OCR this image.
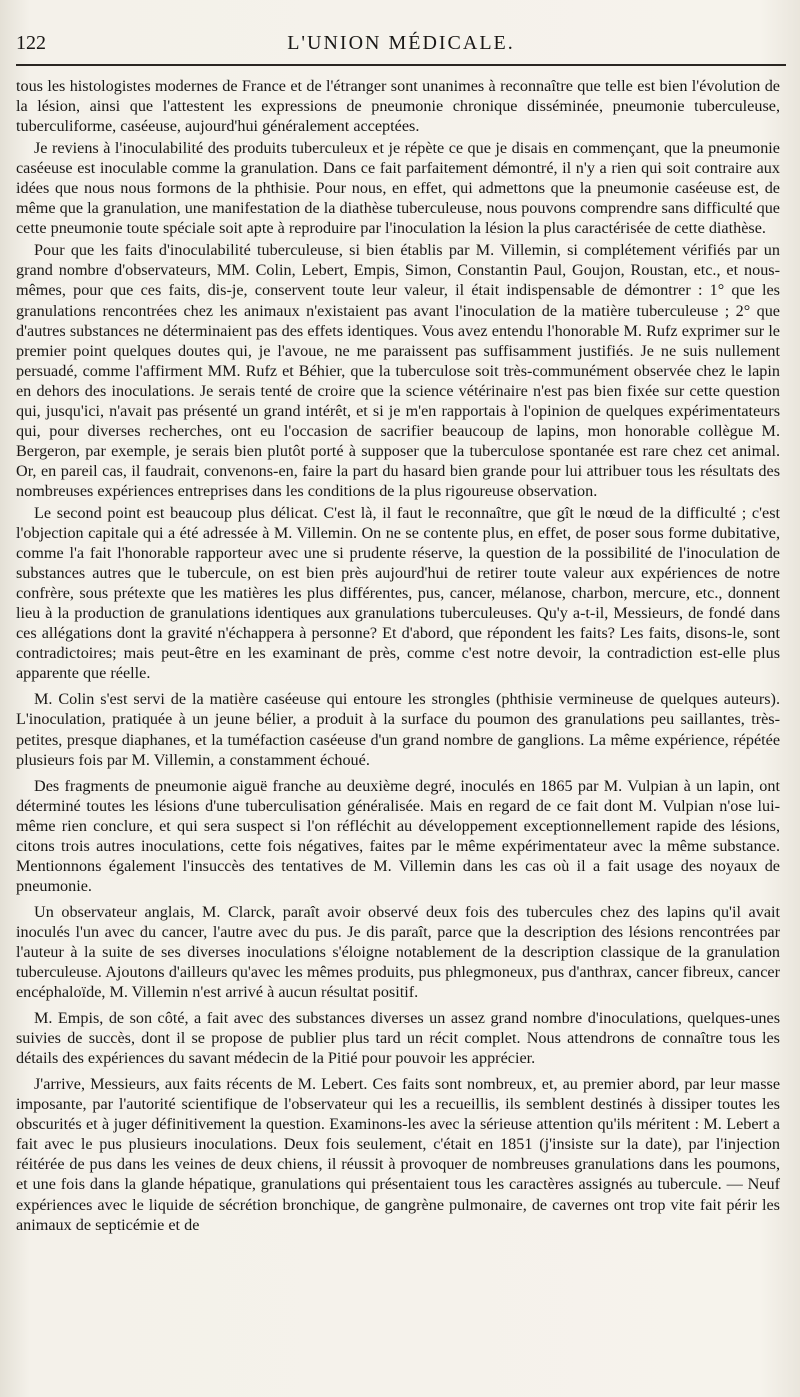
122	L'UNION MÉDICALE.

tous les histologistes modernes de France et de l'étranger sont unanimes à reconnaître que telle est bien l'évolution de la lésion, ainsi que l'attestent les expressions de pneumonie chronique disséminée, pneumonie tuberculeuse, tuberculiforme, caséeuse, aujourd'hui généralement acceptées.

Je reviens à l'inoculabilité des produits tuberculeux et je répète ce que je disais en commençant, que la pneumonie caséeuse est inoculable comme la granulation. Dans ce fait parfaitement démontré, il n'y a rien qui soit contraire aux idées que nous nous formons de la phthisie. Pour nous, en effet, qui admettons que la pneumonie caséeuse est, de même que la granulation, une manifestation de la diathèse tuberculeuse, nous pouvons comprendre sans difficulté que cette pneumonie toute spéciale soit apte à reproduire par l'inoculation la lésion la plus caractérisée de cette diathèse.

Pour que les faits d'inoculabilité tuberculeuse, si bien établis par M. Villemin, si complétement vérifiés par un grand nombre d'observateurs, MM. Colin, Lebert, Empis, Simon, Constantin Paul, Goujon, Roustan, etc., et nous-mêmes, pour que ces faits, dis-je, conservent toute leur valeur, il était indispensable de démontrer : 1° que les granulations rencontrées chez les animaux n'existaient pas avant l'inoculation de la matière tuberculeuse ; 2° que d'autres substances ne déterminaient pas des effets identiques. Vous avez entendu l'honorable M. Rufz exprimer sur le premier point quelques doutes qui, je l'avoue, ne me paraissent pas suffisamment justifiés. Je ne suis nullement persuadé, comme l'affirment MM. Rufz et Béhier, que la tuberculose soit très-communément observée chez le lapin en dehors des inoculations. Je serais tenté de croire que la science vétérinaire n'est pas bien fixée sur cette question qui, jusqu'ici, n'avait pas présenté un grand intérêt, et si je m'en rapportais à l'opinion de quelques expérimentateurs qui, pour diverses recherches, ont eu l'occasion de sacrifier beaucoup de lapins, mon honorable collègue M. Bergeron, par exemple, je serais bien plutôt porté à supposer que la tuberculose spontanée est rare chez cet animal. Or, en pareil cas, il faudrait, convenons-en, faire la part du hasard bien grande pour lui attribuer tous les résultats des nombreuses expériences entreprises dans les conditions de la plus rigoureuse observation.

Le second point est beaucoup plus délicat. C'est là, il faut le reconnaître, que gît le nœud de la difficulté ; c'est l'objection capitale qui a été adressée à M. Villemin. On ne se contente plus, en effet, de poser sous forme dubitative, comme l'a fait l'honorable rapporteur avec une si prudente réserve, la question de la possibilité de l'inoculation de substances autres que le tubercule, on est bien près aujourd'hui de retirer toute valeur aux expériences de notre confrère, sous prétexte que les matières les plus différentes, pus, cancer, mélanose, charbon, mercure, etc., donnent lieu à la production de granulations identiques aux granulations tuberculeuses. Qu'y a-t-il, Messieurs, de fondé dans ces allégations dont la gravité n'échappera à personne? Et d'abord, que répondent les faits? Les faits, disons-le, sont contradictoires; mais peut-être en les examinant de près, comme c'est notre devoir, la contradiction est-elle plus apparente que réelle.

M. Colin s'est servi de la matière caséeuse qui entoure les strongles (phthisie vermineuse de quelques auteurs). L'inoculation, pratiquée à un jeune bélier, a produit à la surface du poumon des granulations peu saillantes, très-petites, presque diaphanes, et la tuméfaction caséeuse d'un grand nombre de ganglions. La même expérience, répétée plusieurs fois par M. Villemin, a constamment échoué.

Des fragments de pneumonie aiguë franche au deuxième degré, inoculés en 1865 par M. Vulpian à un lapin, ont déterminé toutes les lésions d'une tuberculisation généralisée. Mais en regard de ce fait dont M. Vulpian n'ose lui-même rien conclure, et qui sera suspect si l'on réfléchit au développement exceptionnellement rapide des lésions, citons trois autres inoculations, cette fois négatives, faites par le même expérimentateur avec la même substance. Mentionnons également l'insuccès des tentatives de M. Villemin dans les cas où il a fait usage des noyaux de pneumonie.

Un observateur anglais, M. Clarck, paraît avoir observé deux fois des tubercules chez des lapins qu'il avait inoculés l'un avec du cancer, l'autre avec du pus. Je dis paraît, parce que la description des lésions rencontrées par l'auteur à la suite de ses diverses inoculations s'éloigne notablement de la description classique de la granulation tuberculeuse. Ajoutons d'ailleurs qu'avec les mêmes produits, pus phlegmoneux, pus d'anthrax, cancer fibreux, cancer encéphaloïde, M. Villemin n'est arrivé à aucun résultat positif.

M. Empis, de son côté, a fait avec des substances diverses un assez grand nombre d'inoculations, quelques-unes suivies de succès, dont il se propose de publier plus tard un récit complet. Nous attendrons de connaître tous les détails des expériences du savant médecin de la Pitié pour pouvoir les apprécier.

J'arrive, Messieurs, aux faits récents de M. Lebert. Ces faits sont nombreux, et, au premier abord, par leur masse imposante, par l'autorité scientifique de l'observateur qui les a recueillis, ils semblent destinés à dissiper toutes les obscurités et à juger définitivement la question. Examinons-les avec la sérieuse attention qu'ils méritent : M. Lebert a fait avec le pus plusieurs inoculations. Deux fois seulement, c'était en 1851 (j'insiste sur la date), par l'injection réitérée de pus dans les veines de deux chiens, il réussit à provoquer de nombreuses granulations dans les poumons, et une fois dans la glande hépatique, granulations qui présentaient tous les caractères assignés au tubercule. — Neuf expériences avec le liquide de sécrétion bronchique, de gangrène pulmonaire, de cavernes ont trop vite fait périr les animaux de septicémie et de
